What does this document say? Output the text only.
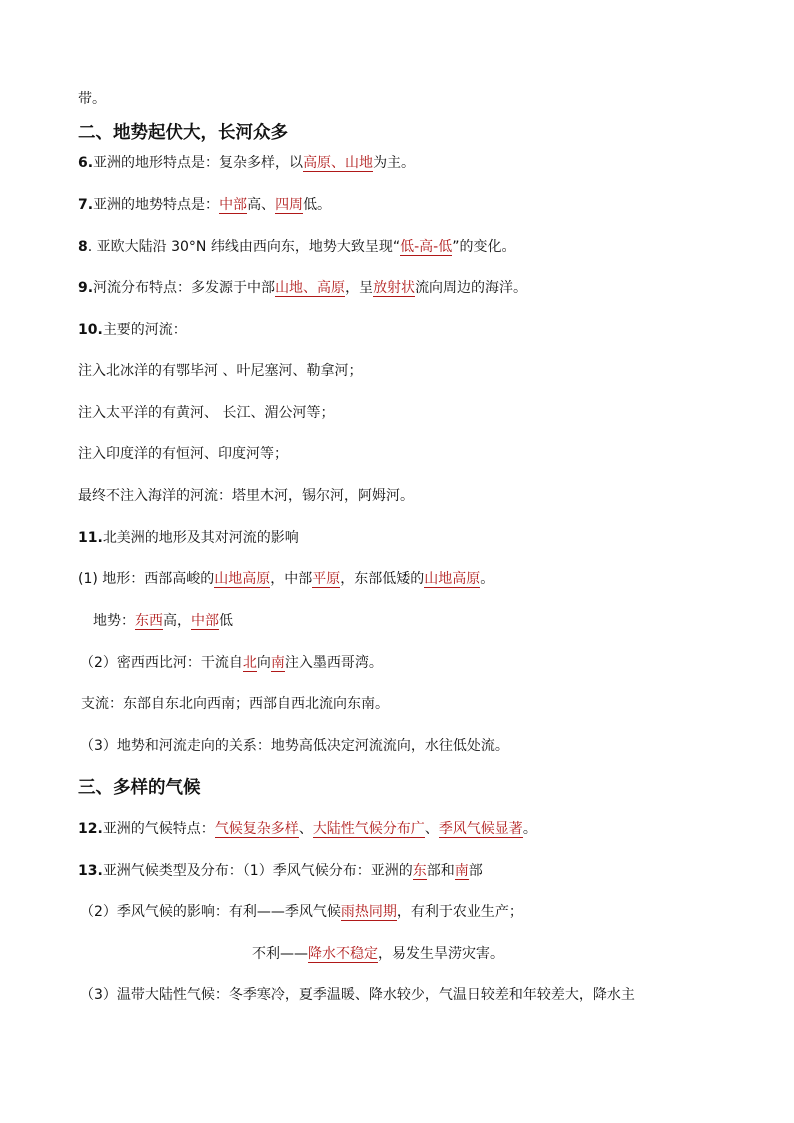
带。
二、地势起伏大，长河众多
6.亚洲的地形特点是：复杂多样，以高原、山地为主。
7.亚洲的地势特点是：中部高、四周低。
8. 亚欧大陆沿 30°N 纬线由西向东，地势大致呈现“低-高-低”的变化。
9.河流分布特点：多发源于中部山地、高原，呈放射状流向周边的海洋。
10.主要的河流：
注入北冰洋的有鄂毕河 、叶尼塞河、勒拿河；
注入太平洋的有黄河、 长江、湄公河等；
注入印度洋的有恒河、印度河等；
最终不注入海洋的河流：塔里木河，锡尔河，阿姆河。
11.北美洲的地形及其对河流的影响
(1) 地形：西部高峻的山地高原，中部平原，东部低矮的山地高原。
地势：东西高，中部低
（2）密西西比河：干流自北向南注入墨西哥湾。
支流：东部自东北向西南；西部自西北流向东南。
（3）地势和河流走向的关系：地势高低决定河流流向，水往低处流。
三、多样的气候
12.亚洲的气候特点：气候复杂多样、大陆性气候分布广、季风气候显著。
13.亚洲气候类型及分布：（1）季风气候分布：亚洲的东部和南部
（2）季风气候的影响：有利——季风气候雨热同期，有利于农业生产；
不利——降水不稳定，易发生旱涝灾害。
（3）温带大陆性气候：冬季寒冷，夏季温暖、降水较少，气温日较差和年较差大，降水主
